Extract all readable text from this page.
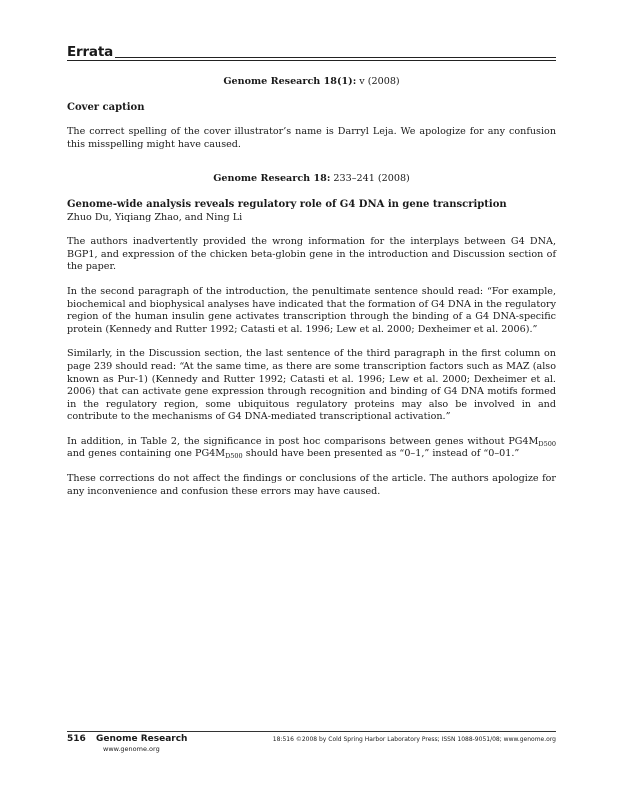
Errata
Genome Research 18(1): v (2008)
Cover caption

The correct spelling of the cover illustrator’s name is Darryl Leja. We apologize for any confusion this misspelling might have caused.

Genome Research 18: 233–241 (2008)
Genome-wide analysis reveals regulatory role of G4 DNA in gene transcription
Zhuo Du, Yiqiang Zhao, and Ning Li

The authors inadvertently provided the wrong information for the interplays between G4 DNA, BGP1, and expression of the chicken beta-globin gene in the introduction and Discussion section of the paper.

In the second paragraph of the introduction, the penultimate sentence should read: “For example, biochemical and biophysical analyses have indicated that the formation of G4 DNA in the regulatory region of the human insulin gene activates transcription through the binding of a G4 DNA-specific protein (Kennedy and Rutter 1992; Catasti et al. 1996; Lew et al. 2000; Dexheimer et al. 2006).”

Similarly, in the Discussion section, the last sentence of the third paragraph in the first column on page 239 should read: “At the same time, as there are some transcription factors such as MAZ (also known as Pur-1) (Kennedy and Rutter 1992; Catasti et al. 1996; Lew et al. 2000; Dexheimer et al. 2006) that can activate gene expression through recognition and binding of G4 DNA motifs formed in the regulatory region, some ubiquitous regulatory proteins may also be involved in and contribute to the mechanisms of G4 DNA-mediated transcriptional activation.”

In addition, in Table 2, the significance in post hoc comparisons between genes without $PG4M_{D500}$ and genes containing one $PG4M_{D500}$ should have been presented as “0–1,” instead of “0–01.”

These corrections do not affect the findings or conclusions of the article. The authors apologize for any inconvenience and confusion these errors may have caused.

516 Genome Research
www.genome.org
18:516 ©2008 by Cold Spring Harbor Laboratory Press; ISSN 1088-9051/08; www.genome.org
